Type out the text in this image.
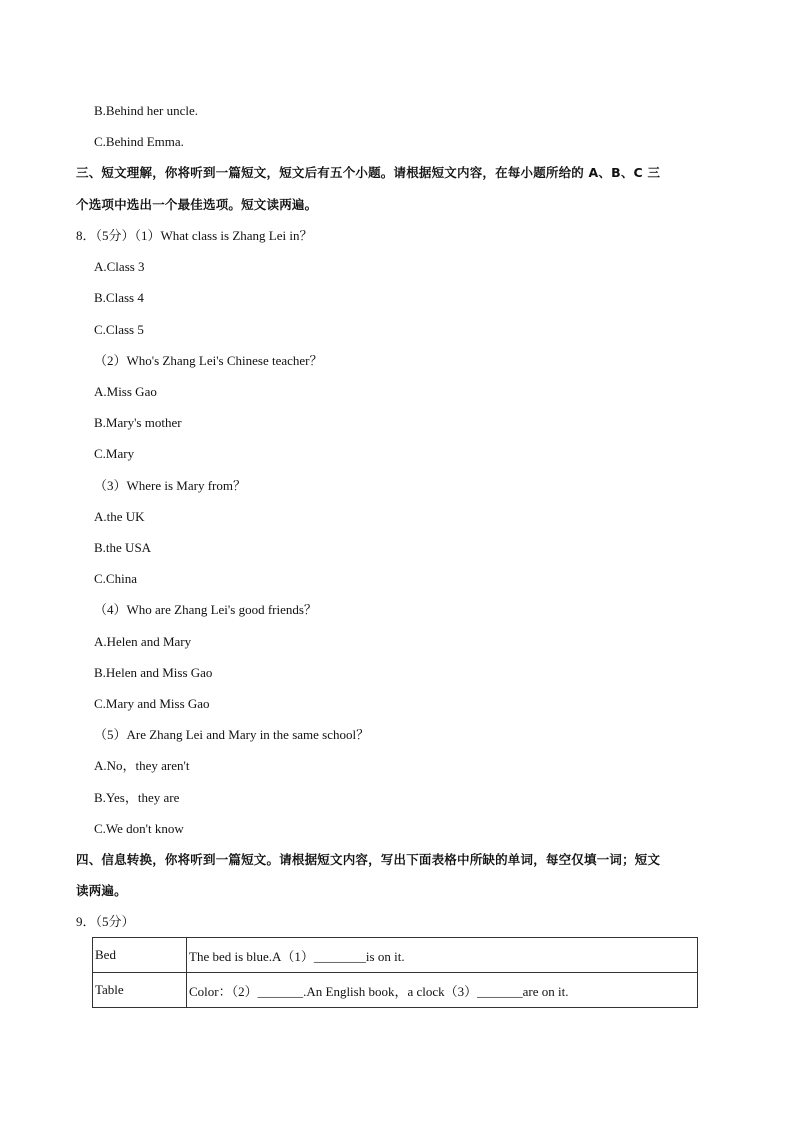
B.Behind her uncle.
C.Behind Emma.
三、短文理解，你将听到一篇短文，短文后有五个小题。请根据短文内容，在每小题所给的 A、B、C 三
个选项中选出一个最佳选项。短文读两遍。
8．（5分）（1）What class is Zhang Lei in？
A.Class 3
B.Class 4
C.Class 5
（2）Who's Zhang Lei's Chinese teacher？
A.Miss Gao
B.Mary's mother
C.Mary
（3）Where is Mary from？
A.the UK
B.the USA
C.China
（4）Who are Zhang Lei's good friends？
A.Helen and Mary
B.Helen and Miss Gao
C.Mary and Miss Gao
（5）Are Zhang Lei and Mary in the same school？
A.No，they aren't
B.Yes，they are
C.We don't know
四、信息转换，你将听到一篇短文。请根据短文内容，写出下面表格中所缺的单词，每空仅填一词；短文
读两遍。
9．（5分）
Bed	The bed is blue.A（1）________is on it.
Table	Color：（2）_______.An English book，a clock（3）_______are on it.
